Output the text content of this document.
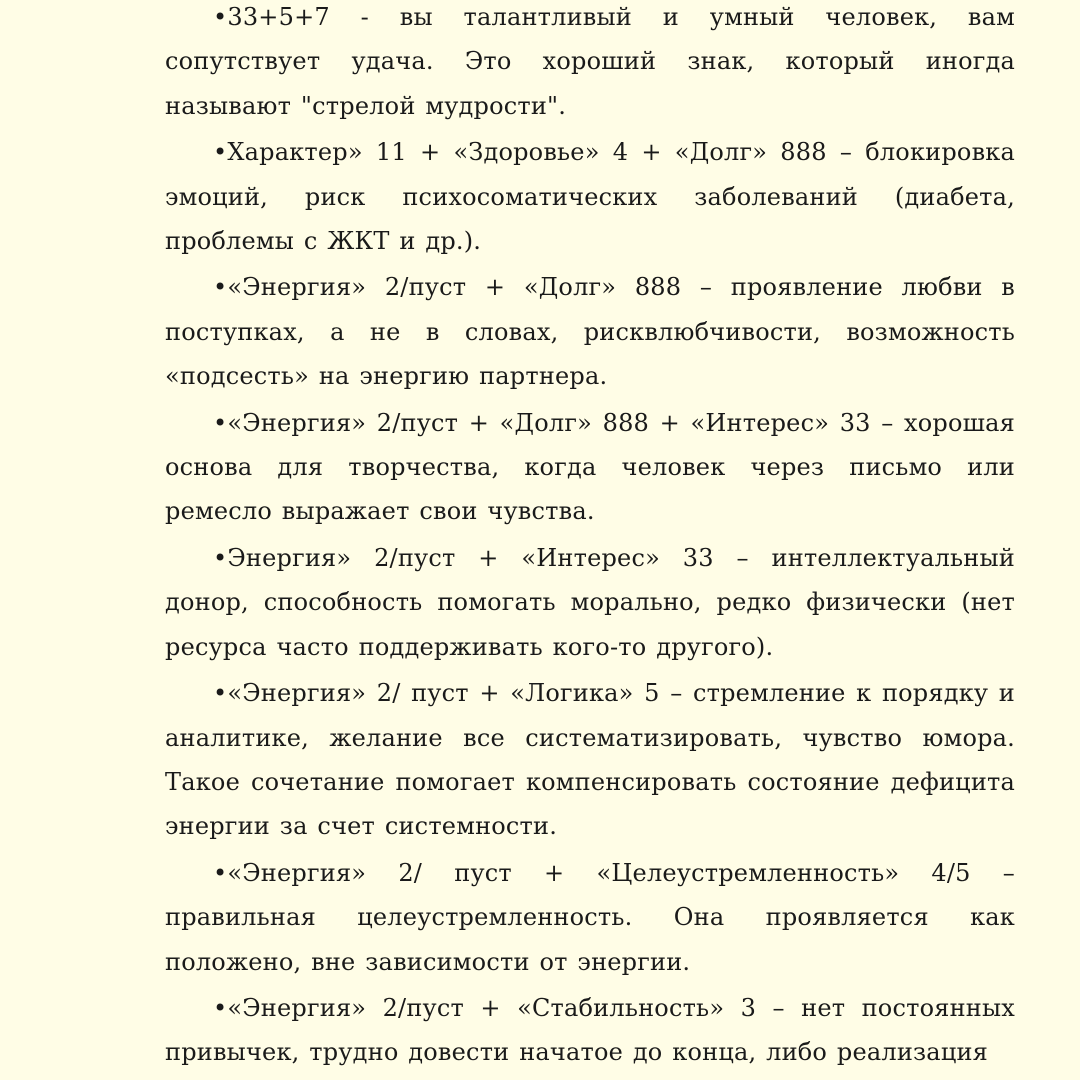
•33+5+7 - вы талантливый и умный человек, вам сопутствует удача. Это хороший знак, который иногда называют "стрелой мудрости".

•Характер» 11 + «Здоровье» 4 + «Долг» 888 – блокировка эмоций, риск психосоматических заболеваний (диабета, проблемы с ЖКТ и др.).

•«Энергия» 2/пуст + «Долг» 888 – проявление любви в поступках, а не в словах, рисквлюбчивости, возможность «подсесть» на энергию партнера.

•«Энергия» 2/пуст + «Долг» 888 + «Интерес» 33 – хорошая основа для творчества, когда человек через письмо или ремесло выражает свои чувства.

•Энергия» 2/пуст + «Интерес» 33 – интеллектуальный донор, способность помогать морально, редко физически (нет ресурса часто поддерживать кого-то другого).

•«Энергия» 2/ пуст + «Логика» 5 – стремление к порядку и аналитике, желание все систематизировать, чувство юмора. Такое сочетание помогает компенсировать состояние дефицита энергии за счет системности.

•«Энергия» 2/ пуст + «Целеустремленность» 4/5 – правильная целеустремленность. Она проявляется как положено, вне зависимости от энергии.

•«Энергия» 2/пуст + «Стабильность» 3 – нет постоянных привычек, трудно довести начатое до конца, либо реализация
